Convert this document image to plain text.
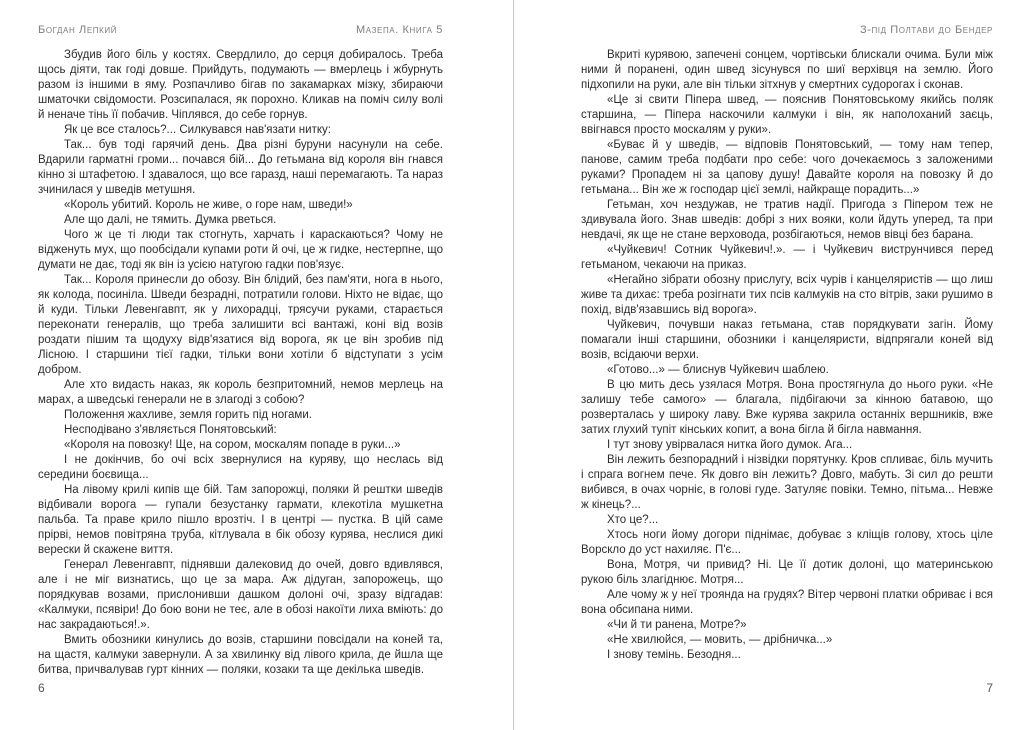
Богдан Лепкий	Мазепа. Книга 5

Збудив його біль у костях. Свердлило, до серця добиралось. Треба щось діяти, так годі довше. Прийдуть, подумають — вмерлець і жбурнуть разом із іншими в яму. Розпачливо бігав по закамарках мізку, збираючи шматочки свідомости. Розсипалася, як порохно. Кликав на поміч силу волі й неначе тінь її побачив. Чіплявся, до себе горнув.

Як це все сталось?... Силкувався нав'язати нитку:

Так... був тоді гарячий день. Два різні буруни насунули на себе. Вдарили гарматні громи... почався бій... До гетьмана від короля він гнався кінно зі штафетою. І здавалося, що все гаразд, наші перемагають. Та нараз зчинилася у шведів метушня.

«Король убитий. Король не живе, о горе нам, шведи!»

Але що далі, не тямить. Думка рветься.

Чого ж це ті люди так стогнуть, харчать і караскаються? Чому не відженуть мух, що пообсідали купами роти й очі, це ж гидке, нестерпне, що думати не дає, тоді як він із усією натугою гадки пов'язує.

Так... Короля принесли до обозу. Він блідий, без пам'яти, нога в нього, як колода, посиніла. Шведи безрадні, потратили голови. Ніхто не відає, що й куди. Тільки Левенгавпт, як у лихорадці, трясучи руками, старається переконати генералів, що треба залишити всі вантажі, коні від возів роздати пішим та щодуху відв'язатися від ворога, як це він зробив під Лісною. І старшини тієї гадки, тільки вони хотіли б відступати з усім добром.

Але хто видасть наказ, як король безпритомний, немов мерлець на марах, а шведські генерали не в злагоді з собою?

Положення жахливе, земля горить під ногами.

Несподівано з'являється Понятовський:

«Короля на повозку! Ще, на сором, москалям попаде в руки...»

І не докінчив, бо очі всіх звернулися на куряву, що неслась від середини боєвища...

На лівому крилі кипів ще бій. Там запорожці, поляки й рештки шведів відбивали ворога — гупали безустанку гармати, клекотіла мушкетна пальба. Та праве крило пішло врозтіч. І в центрі — пустка. В цій саме прірві, немов повітряна труба, кітлувала в бік обозу курява, неслися дикі верески й скажене виття.

Генерал Левенгавпт, піднявши далековид до очей, довго вдивлявся, але і не міг визнатись, що це за мара. Аж дідуган, запорожець, що порядкував возами, прислонивши дашком долоні очі, зразу відгадав: «Калмуки, псявіри! До бою вони не теє, але в обозі накоїти лиха вміють: до нас закрадаються!.».

Вмить обозники кинулись до возів, старшини повсідали на коней та, на щастя, калмуки завернули. А за хвилинку від лівого крила, де йшла ще битва, причвалував гурт кінних — поляки, козаки та ще декілька шведів.

З-під Полтави до Бендер

Вкриті курявою, запечені сонцем, чортівськи блискали очима. Були між ними й поранені, один швед зісунувся по шиї верхівця на землю. Його підхопили на руки, але він тільки зітхнув у смертних судорогах і сконав.

«Це зі свити Піпера швед, — пояснив Понятовському якийсь поляк старшина, — Піпера наскочили калмуки і він, як наполоханий заєць, ввігнався просто москалям у руки».

«Буває й у шведів, — відповів Понятовський, — тому нам тепер, панове, самим треба подбати про себе: чого дочекаємось з заложеними руками? Пропадем ні за цапову душу! Давайте короля на повозку й до гетьмана... Він же ж господар цієї землі, найкраще порадить...»

Гетьман, хоч нездужав, не тратив надії. Пригода з Піпером теж не здивувала його. Знав шведів: добрі з них вояки, коли йдуть уперед, та при невдачі, як ще не стане верховода, розбігаються, немов вівці без барана.

«Чуйкевич! Сотник Чуйкевич!.». — і Чуйкевич виструнчився перед гетьманом, чекаючи на приказ.

«Негайно зібрати обозну прислугу, всіх чурів і канцеляристів — що лиш живе та дихає: треба розігнати тих псів калмуків на сто вітрів, заки рушимо в похід, відв'язавшись від ворога».

Чуйкевич, почувши наказ гетьмана, став порядкувати загін. Йому помагали інші старшини, обозники і канцеляристи, відпрягали коней від возів, всідаючи верхи.

«Готово...» — блиснув Чуйкевич шаблею.

В цю мить десь узялася Мотря. Вона простягнула до нього руки. «Не залишу тебе самого» — благала, підбігаючи за кінною батавою, що розверталась у широку лаву. Вже курява закрила останніх вершників, вже затих глухий тупіт кінських копит, а вона бігла й бігла навмання.

І тут знову увірвалася нитка його думок. Ага...

Він лежить безпорадний і нізвідки порятунку. Кров спливає, біль мучить і спрага вогнем пече. Як довго він лежить? Довго, мабуть. Зі сил до решти вибився, в очах чорніє, в голові гуде. Затуляє повіки. Темно, пітьма... Невже ж кінець?...

Хто це?...

Хтось ноги йому догори піднімає, добуває з кліщів голову, хтось ціле Ворскло до уст нахиляє. П'є...

Вона, Мотря, чи привид? Ні. Це її дотик долоні, що материнською рукою біль злагіднює. Мотря...

Але чому ж у неї троянда на грудях? Вітер червоні платки обриває і вся вона обсипана ними.

«Чи й ти ранена, Мотре?»

«Не хвилюйся, — мовить, — дрібничка...»

І знову темінь. Безодня...

6	7
